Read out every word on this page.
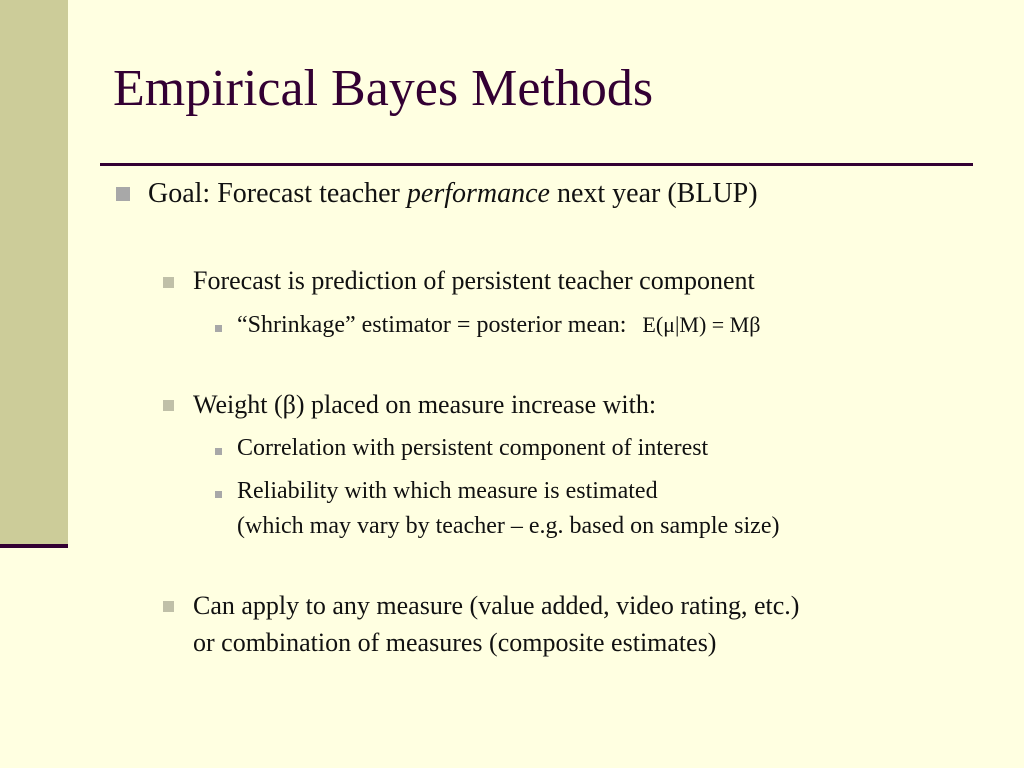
Empirical Bayes Methods
Goal: Forecast teacher performance next year (BLUP)
Forecast is prediction of persistent teacher component
“Shrinkage” estimator = posterior mean: E(μ|M) = Mβ
Weight (β) placed on measure increase with:
Correlation with persistent component of interest
Reliability with which measure is estimated
(which may vary by teacher – e.g. based on sample size)
Can apply to any measure (value added, video rating, etc.)
or combination of measures (composite estimates)
